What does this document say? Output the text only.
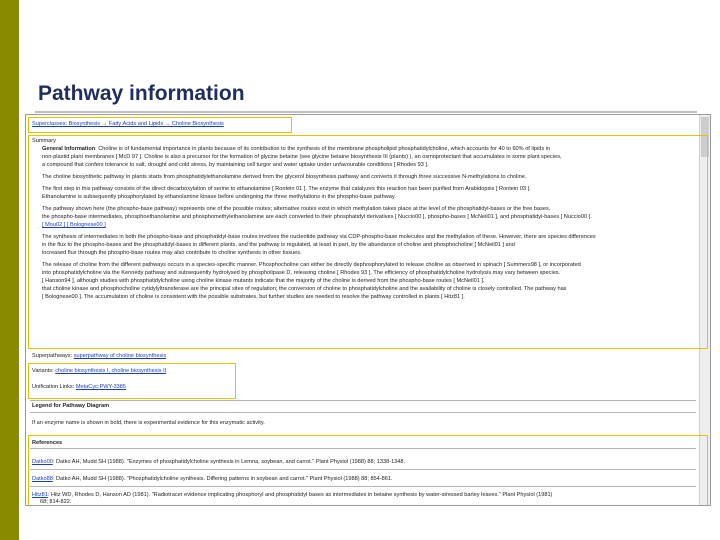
Pathway information
Superclasses: Biosynthesis → Fatty Acids and Lipids → Choline Biosynthesis
Summary
General Information: Choline is of fundamental importance in plants because of its contribution to the synthesis of the membrane phospholipid phosphatidylcholine, which accounts for 40 to 60% of lipids in
non-plastid plant membranes [ McD 97 ]. Choline is also a precursor for the formation of glycine betaine (see glycine betaine biosynthesis III (plants) ), an osmoprotectant that accumulates in some plant species,
a compound that confers tolerance to salt, drought and cold stress, by maintaining cell turgor and water uptake under unfavourable conditions [ Rhodes 93 ].
The choline biosynthetic pathway in plants starts from phosphatidylethanolamine derived from the glycerol biosynthesis pathway and converts it through three successive N-methylations to choline.
The first step in this pathway consists of the direct decarboxylation of serine to ethanolamine [ Rontein 01 ]. The enzyme that catalyzes this reaction has been purified from Arabidopsis [ Rontein 03 ].
Ethanolamine is subsequently phosphorylated by ethanolamine kinase before undergoing the three methylations in the phospho-base pathway.
The pathway shown here (the phospho-base pathway) represents one of the possible routes; alternative routes exist in which methylation takes place at the level of the phosphatidyl-bases or the free bases.
the phospho-base intermediates, phosphoethanolamine and phosphomethylethanolamine are each converted to their phosphatidyl derivatives [ Nuccio00 ], phospho-bases [ McNeil01 ], and phosphatidyl-bases [ Nuccio00 ].
[ Mou02 ] [ Bolognese00 ]
The synthesis of intermediates in both the phospho-base and phosphatidyl-base routes involves the nucleotide pathway via CDP-phospho-base molecules and the methylation of these. However, there are species differences
in the flux to the phospho-bases and the phosphatidyl-bases in different plants, and the pathway is regulated, at least in part, by the abundance of choline and phosphocholine [ McNeil01 ] and
increased flux through the phospho-base routes may also contribute to choline synthesis in other tissues.
The release of choline from the different pathways occurs in a species-specific manner. Phosphocholine can either be directly dephosphorylated to release choline as observed in spinach [ Summers98 ], or incorporated
into phosphatidylcholine via the Kennedy pathway and subsequently hydrolysed by phospholipase D, releasing choline [ Rhodes 93 ]. The efficiency of phosphatidylcholine hydrolysis may vary between species.
[ Hanson94 ], although studies with phosphatidylcholine using choline kinase mutants indicate that the majority of the choline is derived from the phospho-base routes [ McNeil01 ].
that choline kinase and phosphocholine cytidylyltransferase are the principal sites of regulation; the conversion of choline to phosphatidylcholine and the availability of choline is closely controlled. The pathway has
[ Bolognese00 ]. The accumulation of choline is consistent with the possible substrates, but further studies are needed to resolve the pathway controlled in plants [ Hitz81 ].
Superpathways: superpathway of choline biosynthesis
Variants: choline biosynthesis I, choline biosynthesis II
Unification Links: MetaCyc:PWY-3385
Legend for Pathway Diagram
If an enzyme name is shown in bold, there is experimental evidence for this enzymatic activity.
References
Datko00: Datko AH, Mudd SH (1988). "Enzymes of phosphatidylcholine synthesis in Lemna, soybean, and carrot." Plant Physiol (1988) 88; 1338-1348.
Datko88: Datko AH, Mudd SH (1988). "Phosphatidylcholine synthesis. Differing patterns in soybean and carrot." Plant Physiol (1988) 88; 854-861.
Hitz81: Hitz WD, Rhodes D, Hanson AD (1981). "Radiotracer evidence implicating phosphoryl and phosphatidyl bases as intermediates in betaine synthesis by water-stressed barley leaves." Plant Physiol (1981)
68; 814-822.
